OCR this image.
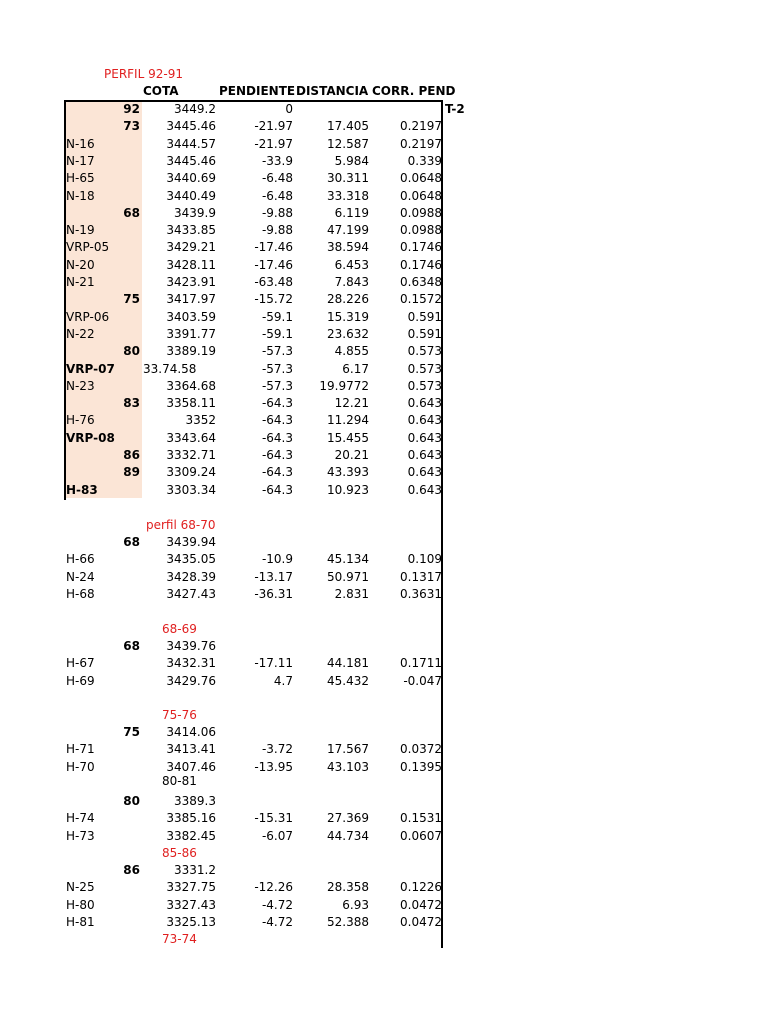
COTA	PENDIENTE DISTANCIA CORR. PEND
T-2
PERFIL 92-91
92	3449.2	0
73 3445.46	-21.97	17.405	0.2197
N-16	3444.57	-21.97	12.587	0.2197
N-17	3445.46	-33.9	5.984	0.339
H-65	3440.69	-6.48	30.311	0.0648
N-18	3440.49	-6.48	33.318	0.0648
68	3439.9	-9.88	6.119	0.0988
N-19	3433.85	-9.88	47.199	0.0988
VRP-05	3429.21	-17.46	38.594	0.1746
N-20	3428.11	-17.46	6.453	0.1746
N-21	3423.91	-63.48	7.843	0.6348
75 3417.97	-15.72	28.226	0.1572
VRP-06	3403.59	-59.1	15.319	0.591
N-22	3391.77	-59.1	23.632	0.591
80 3389.19	-57.3	4.855	0.573
VRP-07 33.74.58	-57.3	6.17	0.573
N-23	3364.68	-57.3 19.9772	0.573
83 3358.11	-64.3	12.21	0.643
H-76	3352	-64.3	11.294	0.643
VRP-08	3343.64	-64.3	15.455	0.643
86 3332.71	-64.3	20.21	0.643
89 3309.24	-64.3	43.393	0.643
H-83	3303.34	-64.3	10.923	0.643
perfil 68-70
68 3439.94
H-66	3435.05	-10.9	45.134	0.109
N-24	3428.39	-13.17	50.971	0.1317
H-68	3427.43	-36.31	2.831	0.3631
68-69
68 3439.76
H-67	3432.31	-17.11	44.181	0.1711
H-69	3429.76	4.7	45.432	-0.047
75-76
75 3414.06
H-71	3413.41	-3.72	17.567	0.0372
H-70	3407.46	-13.95	43.103	0.1395
80-81
80	3389.3
H-74	3385.16	-15.31	27.369	0.1531
H-73	3382.45	-6.07	44.734	0.0607
85-86
86	3331.2
N-25	3327.75	-12.26	28.358	0.1226
H-80	3327.43	-4.72	6.93	0.0472
H-81	3325.13	-4.72	52.388	0.0472
73-74
